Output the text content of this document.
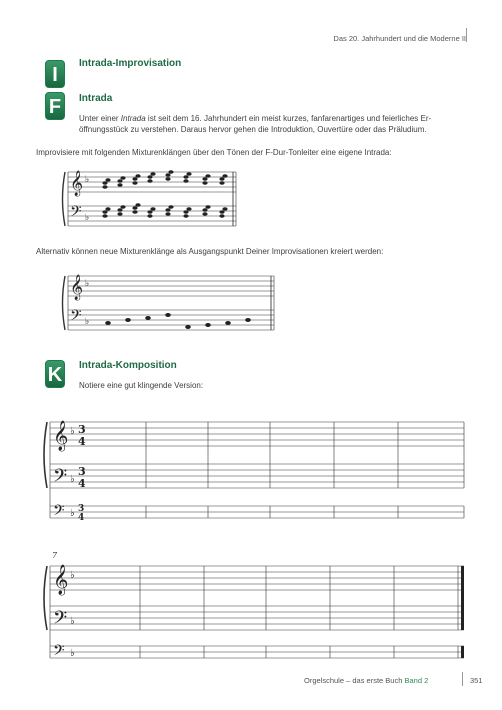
Das 20. Jahrhundert und die Moderne II
I
Intrada-Improvisation
F	Intrada
Unter einer Intrada ist seit dem 16. Jahrhundert ein meist kurzes, fanfarenartiges und feierliches Er-
öffnungsstück zu verstehen. Daraus hervor gehen die Introduktion, Ouvertüre oder das Präludium.
Improvisiere mit folgenden Mixturenklängen über den Tönen der F-Dur-Tonleiter eine eigene Intrada:
𝄞
𝄢
♭
♭
Alternativ können neue Mixturenklänge als Ausgangspunkt Deiner Improvisationen kreiert werden:
𝄞
𝄢
♭
♭
K Intrada-Komposition
Notiere eine gut klingende Version:
𝄞
𝄢
𝄢
♭
♭
♭
3
4
3
4
3
4
7
𝄞
𝄢
𝄢
♭
♭
♭
Orgelschule – das erste Buch Band 2	351
